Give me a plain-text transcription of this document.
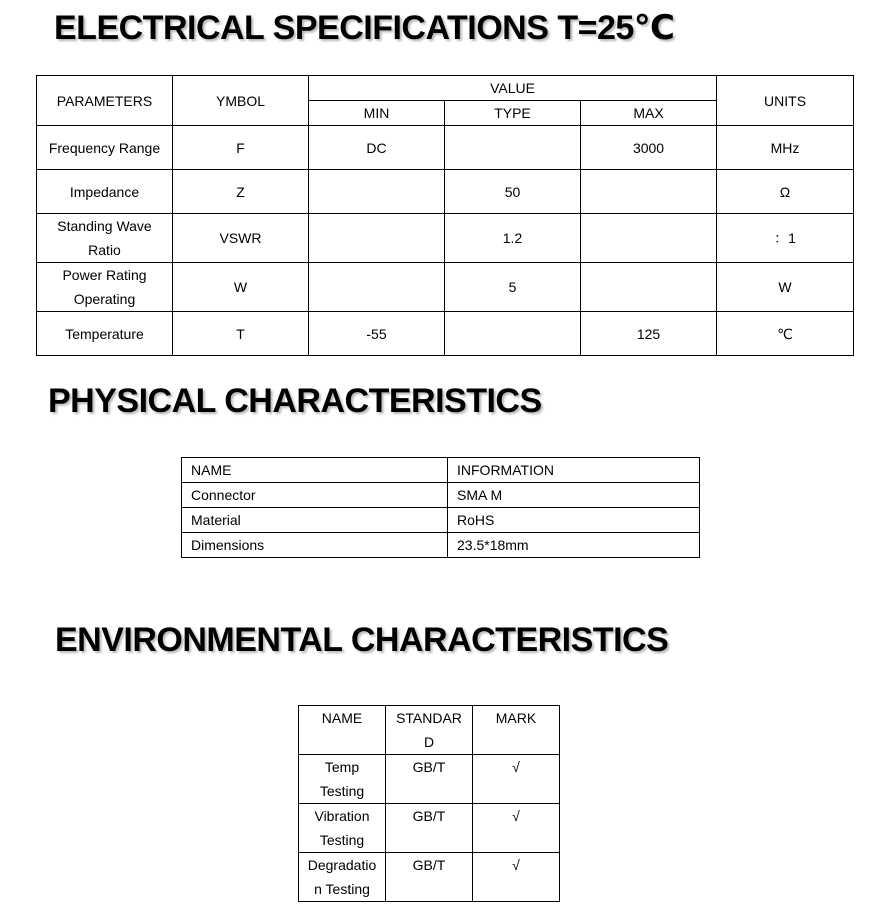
ELECTRICAL SPECIFICATIONS T=25℃
PARAMETERS	YMBOL	VALUE			UNITS
		MIN	TYPE	MAX	
Frequency Range	F	DC		3000	MHz
Impedance	Z		50		Ω
Standing Wave Ratio	VSWR		1.2		：1
Power Rating Operating	W		5		W
Temperature	T	-55		125	℃
PHYSICAL CHARACTERISTICS
NAME	INFORMATION
Connector	SMA M
Material	RoHS
Dimensions	23.5*18mm
ENVIRONMENTAL CHARACTERISTICS
NAME	STANDARD	MARK
Temp Testing	GB/T	√
Vibration Testing	GB/T	√
Degradation Testing	GB/T	√
